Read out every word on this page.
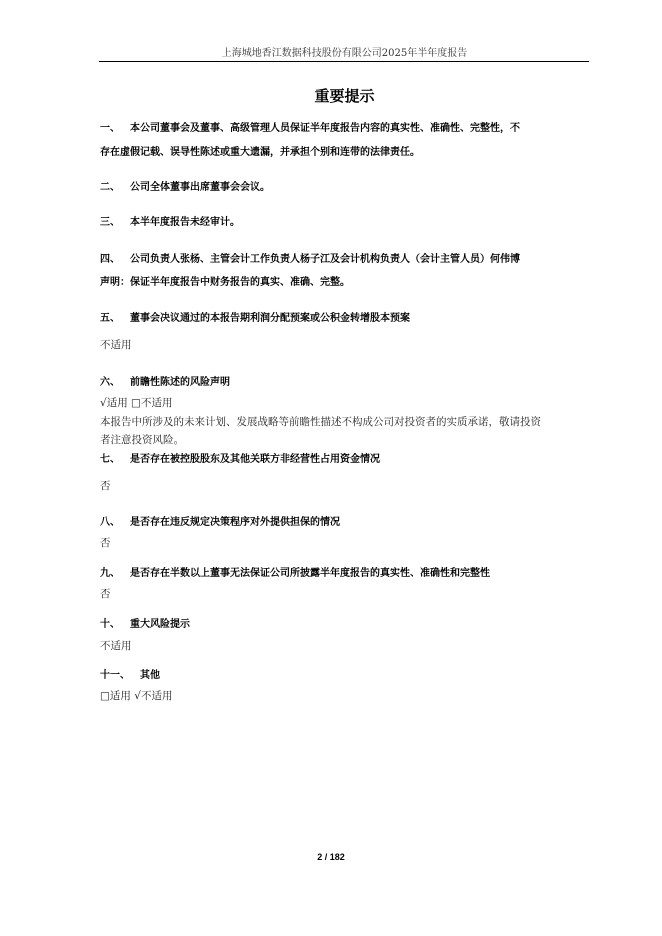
上海城地香江数据科技股份有限公司2025年半年度报告
重要提示
一、 本公司董事会及董事、高级管理人员保证半年度报告内容的真实性、准确性、完整性，不
存在虚假记载、误导性陈述或重大遗漏，并承担个别和连带的法律责任。
二、 公司全体董事出席董事会会议。
三、 本半年度报告未经审计。
四、 公司负责人张杨、主管会计工作负责人杨子江及会计机构负责人（会计主管人员）何伟博
声明：保证半年度报告中财务报告的真实、准确、完整。
五、 董事会决议通过的本报告期利润分配预案或公积金转增股本预案
不适用
六、 前瞻性陈述的风险声明
√适用 □不适用
本报告中所涉及的未来计划、发展战略等前瞻性描述不构成公司对投资者的实质承诺，敬请投资
者注意投资风险。
七、 是否存在被控股股东及其他关联方非经营性占用资金情况
否
八、 是否存在违反规定决策程序对外提供担保的情况
否
九、 是否存在半数以上董事无法保证公司所披露半年度报告的真实性、准确性和完整性
否
十、 重大风险提示
不适用
十一、 其他
□适用 √不适用
2 / 182
